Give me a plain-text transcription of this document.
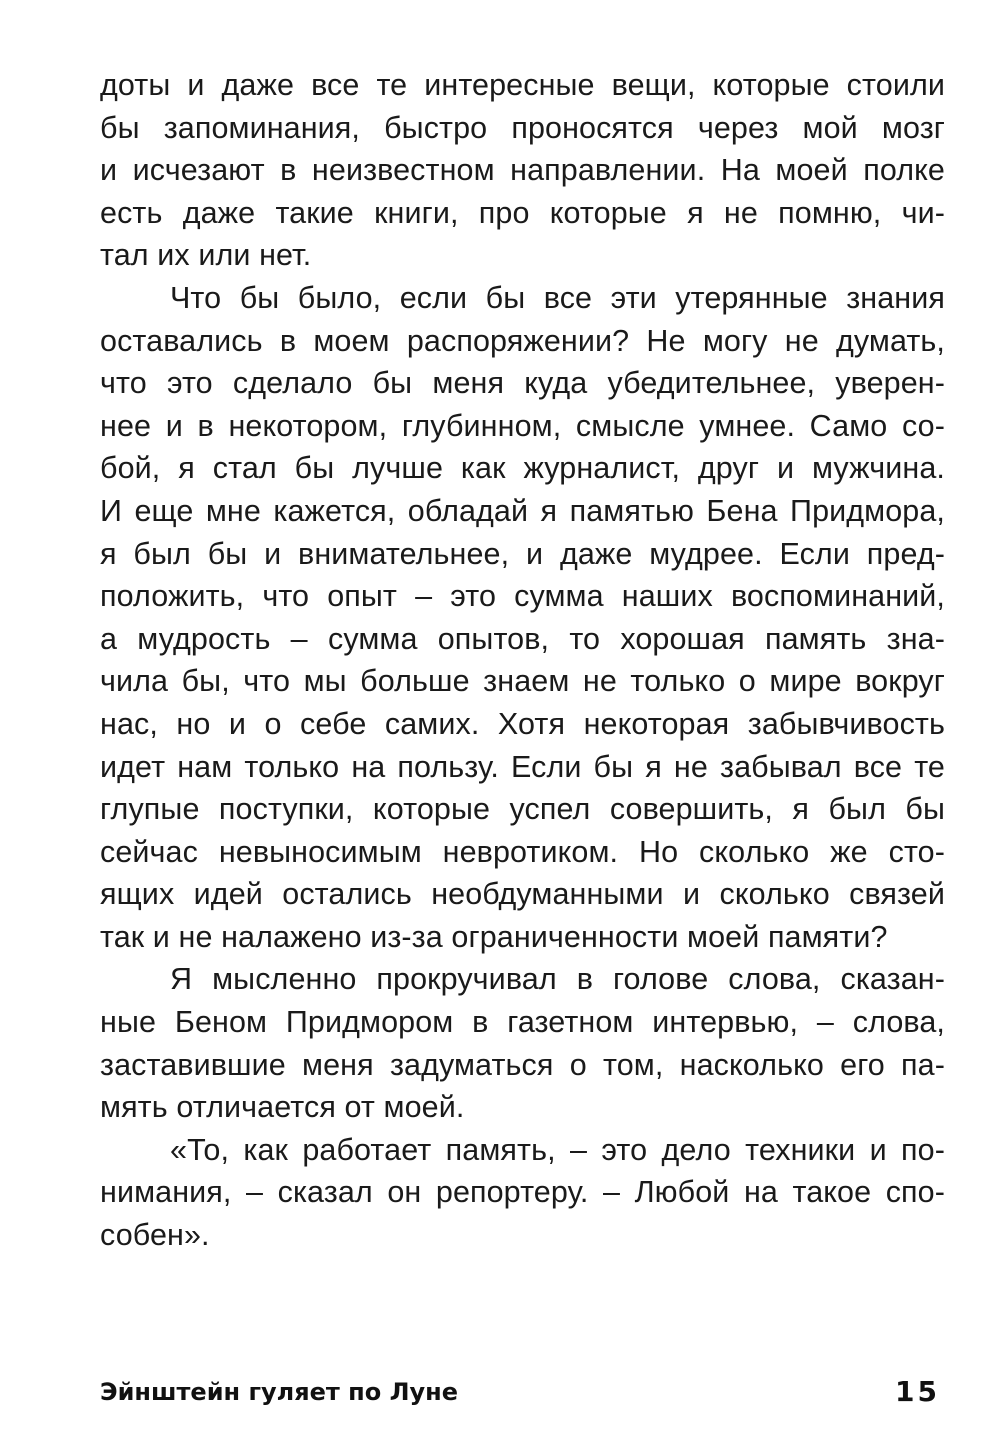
доты и даже все те интересные вещи, которые стоили
бы запоминания, быстро проносятся через мой мозг
и исчезают в неизвестном направлении. На моей полке
есть даже такие книги, про которые я не помню, чи-
тал их или нет.
Что бы было, если бы все эти утерянные знания
оставались в моем распоряжении? Не могу не думать,
что это сделало бы меня куда убедительнее, уверен-
нее и в некотором, глубинном, смысле умнее. Само со-
бой, я стал бы лучше как журналист, друг и мужчина.
И еще мне кажется, обладай я памятью Бена Придмора,
я был бы и внимательнее, и даже мудрее. Если пред-
положить, что опыт – это сумма наших воспоминаний,
а мудрость – сумма опытов, то хорошая память зна-
чила бы, что мы больше знаем не только о мире вокруг
нас, но и о себе самих. Хотя некоторая забывчивость
идет нам только на пользу. Если бы я не забывал все те
глупые поступки, которые успел совершить, я был бы
сейчас невыносимым невротиком. Но сколько же сто-
ящих идей остались необдуманными и сколько связей
так и не налажено из-за ограниченности моей памяти?
Я мысленно прокручивал в голове слова, сказан-
ные Беном Придмором в газетном интервью, – слова,
заставившие меня задуматься о том, насколько его па-
мять отличается от моей.
«То, как работает память, – это дело техники и по-
нимания, – сказал он репортеру. – Любой на такое спо-
собен».
Эйнштейн гуляет по Луне	15
